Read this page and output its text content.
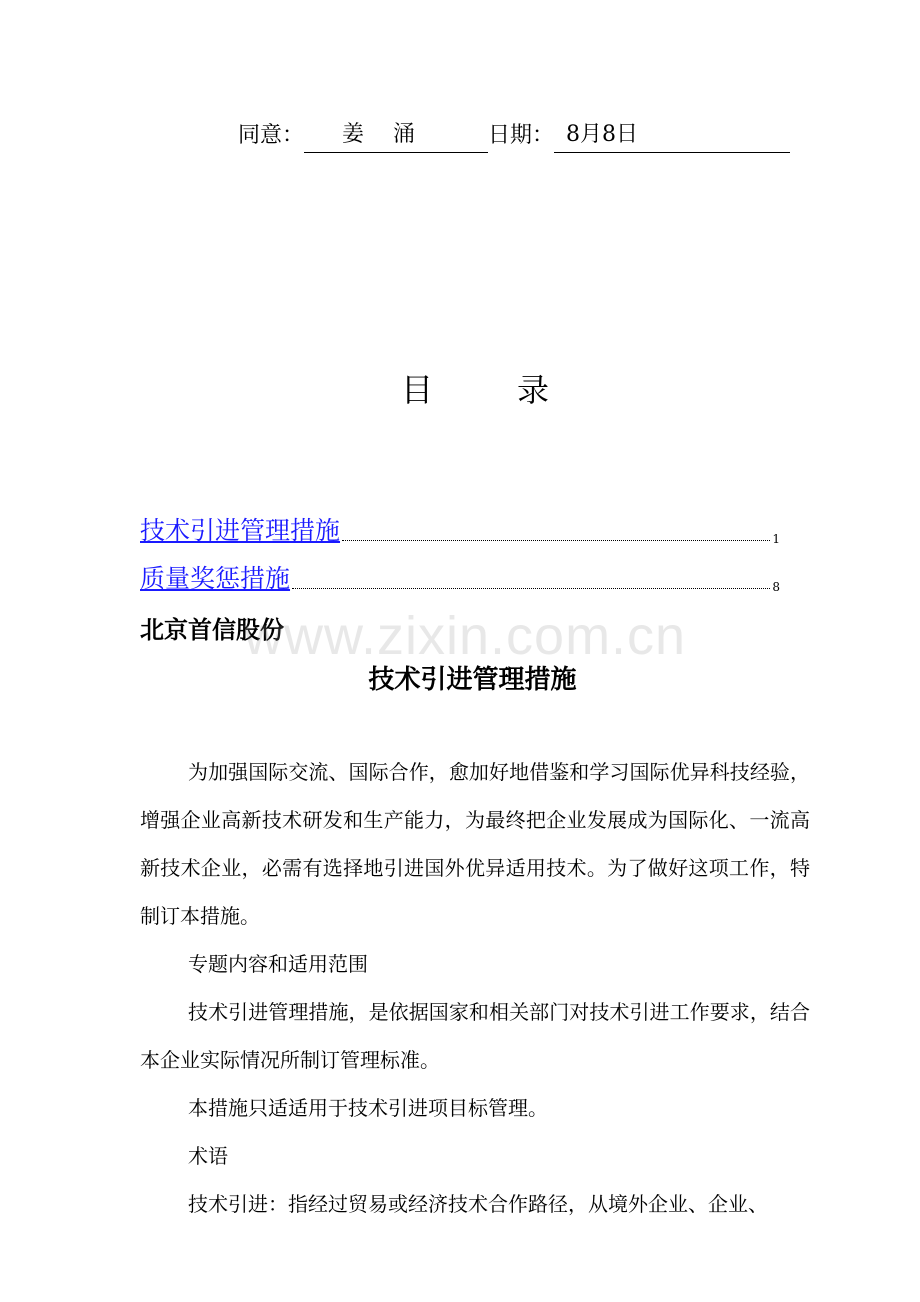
同意： 姜 涌	日期： 8月8日
目	录
技术引进管理措施	1
质量奖惩措施	8
北京首信股份
www.zixin.com.cn
技术引进管理措施

为加强国际交流、国际合作，愈加好地借鉴和学习国际优异科技经验，增强企业高新技术研发和生产能力，为最终把企业发展成为国际化、一流高新技术企业，必需有选择地引进国外优异适用技术。为了做好这项工作，特制订本措施。

专题内容和适用范围

技术引进管理措施，是依据国家和相关部门对技术引进工作要求，结合本企业实际情况所制订管理标准。

本措施只适适用于技术引进项目标管理。

术语

技术引进：指经过贸易或经济技术合作路径，从境外企业、企业、
